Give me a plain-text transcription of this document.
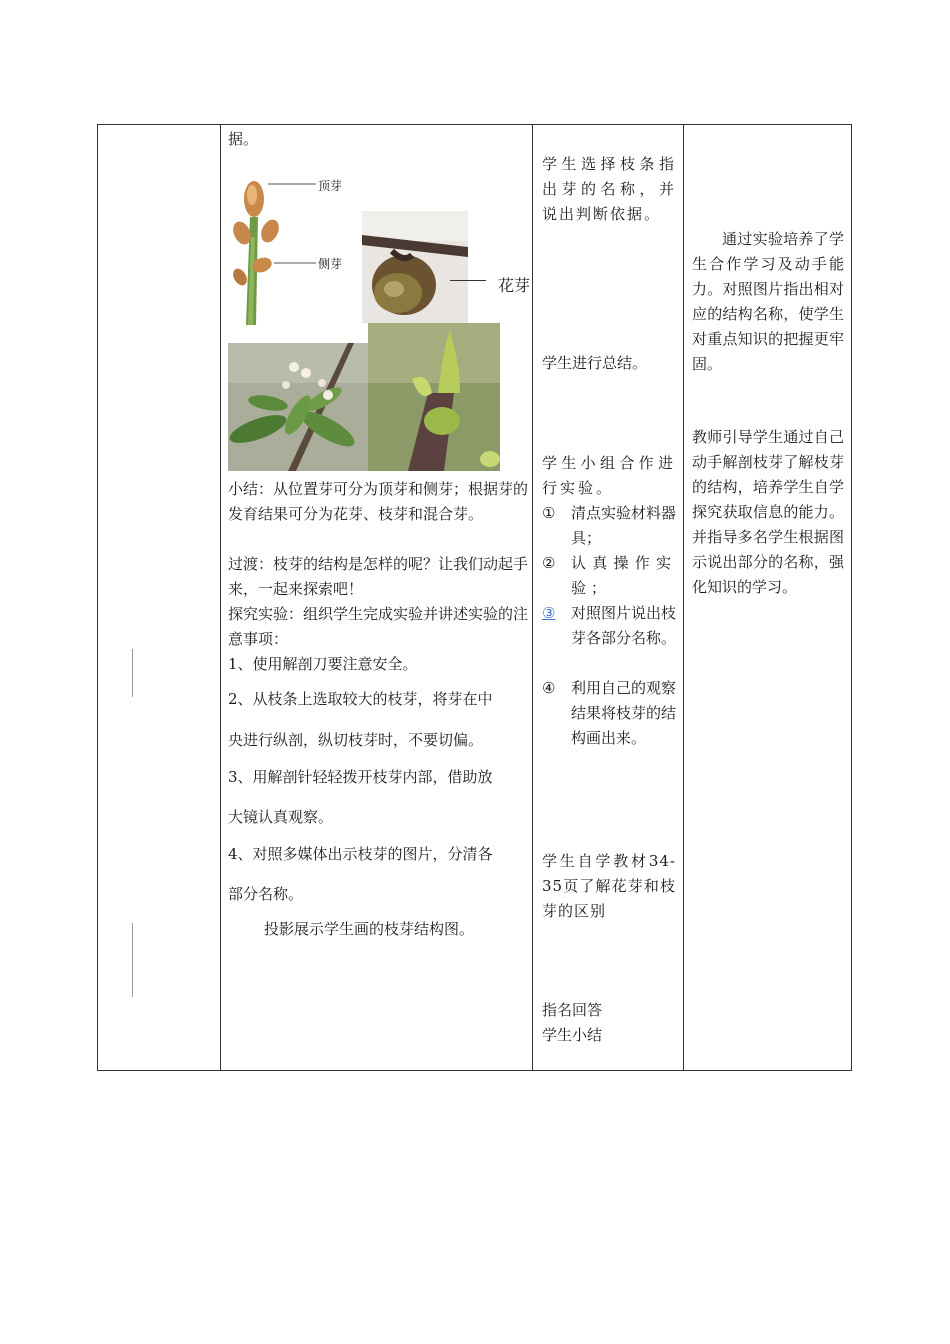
据。
顶芽
侧芽
花芽
小结：从位置芽可分为顶芽和侧芽；根据芽的发育结果可分为花芽、枝芽和混合芽。
过渡：枝芽的结构是怎样的呢？让我们动起手来，一起来探索吧！
探究实验：组织学生完成实验并讲述实验的注意事项：
1、使用解剖刀要注意安全。
2、从枝条上选取较大的枝芽，将芽在中
央进行纵剖，纵切枝芽时，不要切偏。
3、用解剖针轻轻拨开枝芽内部，借助放
大镜认真观察。
4、对照多媒体出示枝芽的图片，分清各
部分名称。
投影展示学生画的枝芽结构图。
学生选择枝条指出芽的名称，并说出判断依据。
学生进行总结。
学生小组合作进行实验。
① 清点实验材料器具；
② 认真操作实验；
③ 对照图片说出枝芽各部分名称。
④ 利用自己的观察结果将枝芽的结构画出来。
学生自学教材34-35页了解花芽和枝芽的区别
指名回答
学生小结
通过实验培养了学生合作学习及动手能力。对照图片指出相对应的结构名称，使学生对重点知识的把握更牢固。
教师引导学生通过自己动手解剖枝芽了解枝芽的结构，培养学生自学探究获取信息的能力。并指导多名学生根据图示说出部分的名称，强化知识的学习。
